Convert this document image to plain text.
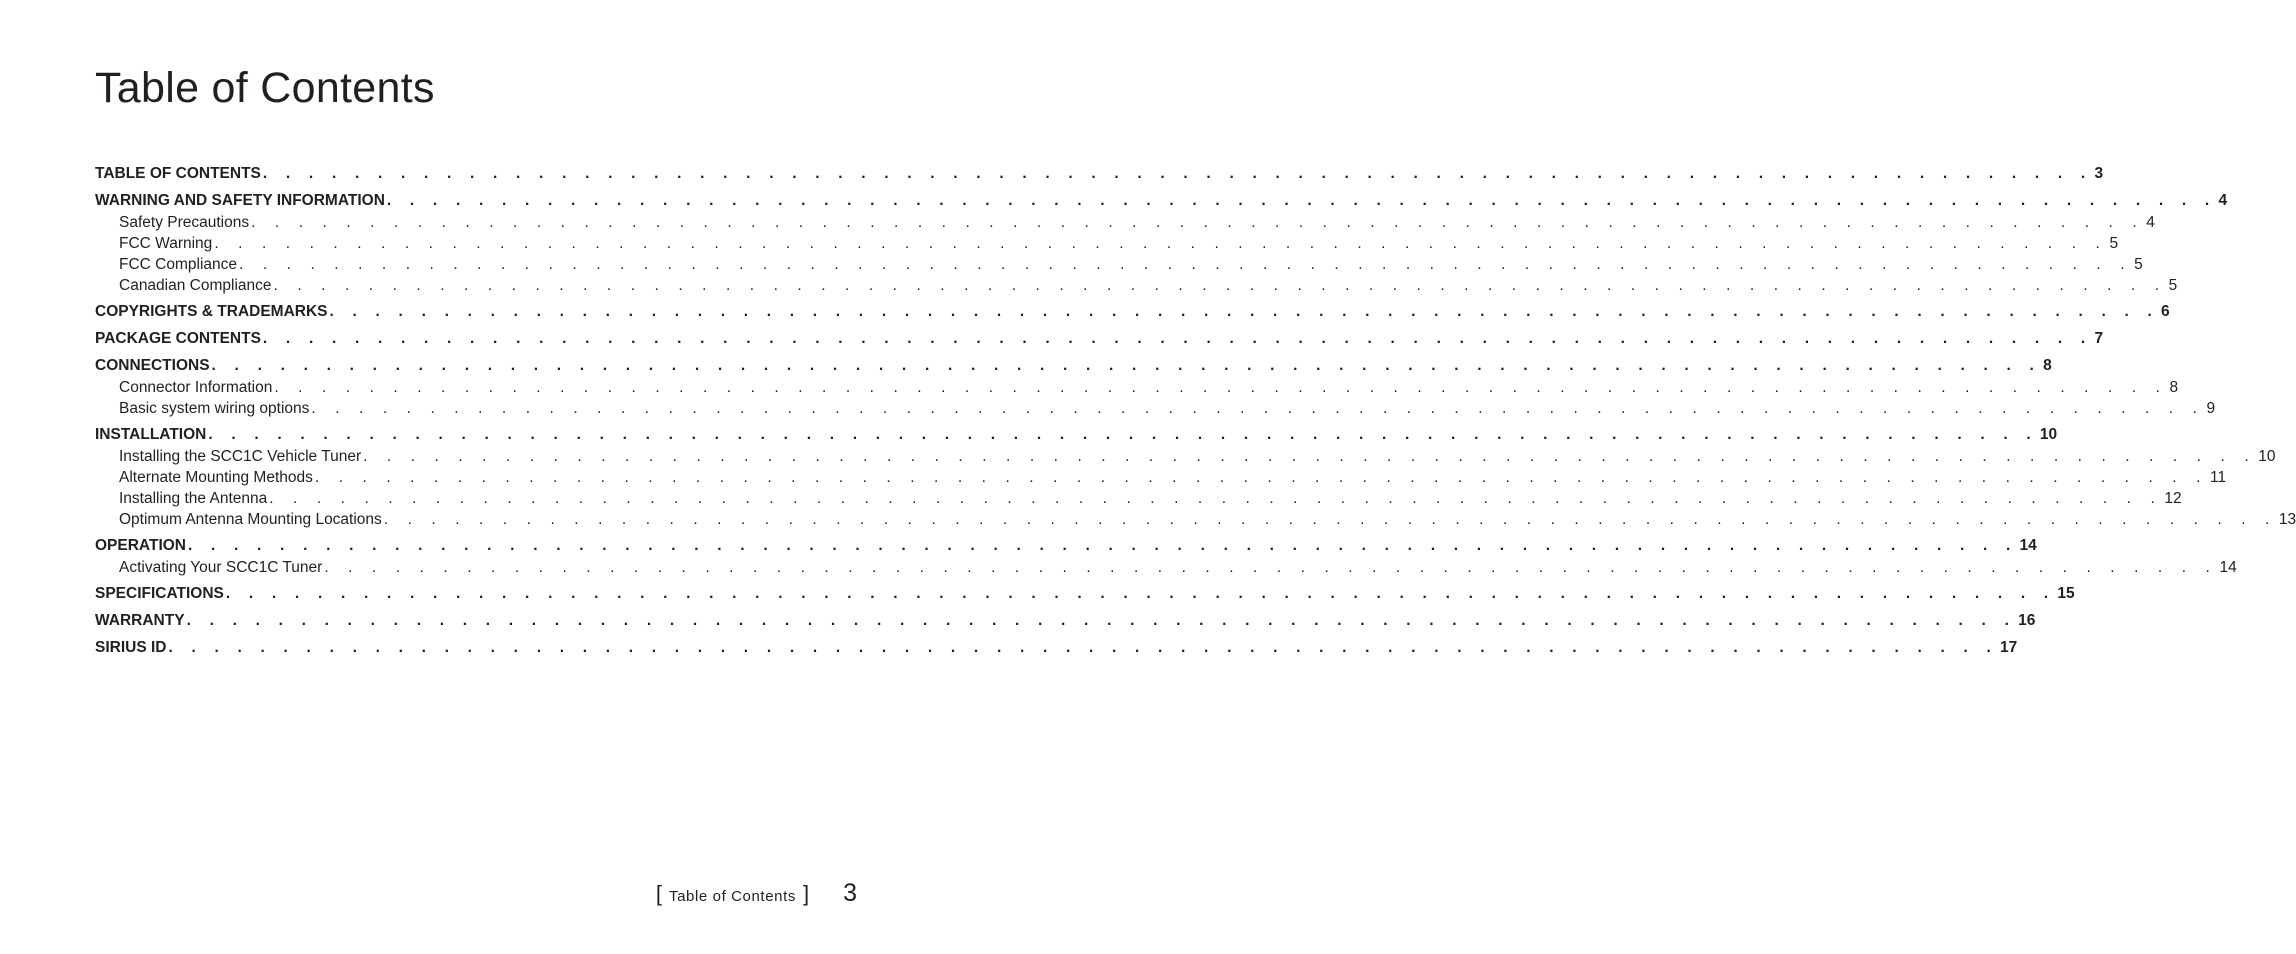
Table of Contents
TABLE OF CONTENTS . . . . . . . . . . . . . . . . . . . . . . . . . . . . . . . . . . . . . . . . . . . . . . . . . . . . . . . . . . . . . . . . . . . . . . . . . . . . . . . . 3
WARNING AND SAFETY INFORMATION . . . . . . . . . . . . . . . . . . . . . . . . . . . . . . . . . . . . . . . . . . . . . . . . . . . . . . . . . . . . . . . . . . . . . . . . . . . . . . . . 4
Safety Precautions . . . . . . . . . . . . . . . . . . . . . . . . . . . . . . . . . . . . . . . . . . . . . . . . . . . . . . . . . . . . . . . . . . . . . . . . . . . . . . . . 4
FCC Warning . . . . . . . . . . . . . . . . . . . . . . . . . . . . . . . . . . . . . . . . . . . . . . . . . . . . . . . . . . . . . . . . . . . . . . . . . . . . . . . . 5
FCC Compliance . . . . . . . . . . . . . . . . . . . . . . . . . . . . . . . . . . . . . . . . . . . . . . . . . . . . . . . . . . . . . . . . . . . . . . . . . . . . . . . . 5
Canadian Compliance . . . . . . . . . . . . . . . . . . . . . . . . . . . . . . . . . . . . . . . . . . . . . . . . . . . . . . . . . . . . . . . . . . . . . . . . . . . . . . . . 5
COPYRIGHTS & TRADEMARKS . . . . . . . . . . . . . . . . . . . . . . . . . . . . . . . . . . . . . . . . . . . . . . . . . . . . . . . . . . . . . . . . . . . . . . . . . . . . . . . . 6
PACKAGE CONTENTS . . . . . . . . . . . . . . . . . . . . . . . . . . . . . . . . . . . . . . . . . . . . . . . . . . . . . . . . . . . . . . . . . . . . . . . . . . . . . . . . 7
CONNECTIONS . . . . . . . . . . . . . . . . . . . . . . . . . . . . . . . . . . . . . . . . . . . . . . . . . . . . . . . . . . . . . . . . . . . . . . . . . . . . . . . . 8
Connector Information . . . . . . . . . . . . . . . . . . . . . . . . . . . . . . . . . . . . . . . . . . . . . . . . . . . . . . . . . . . . . . . . . . . . . . . . . . . . . . . . 8
Basic system wiring options . . . . . . . . . . . . . . . . . . . . . . . . . . . . . . . . . . . . . . . . . . . . . . . . . . . . . . . . . . . . . . . . . . . . . . . . . . . . . . . . 9
INSTALLATION . . . . . . . . . . . . . . . . . . . . . . . . . . . . . . . . . . . . . . . . . . . . . . . . . . . . . . . . . . . . . . . . . . . . . . . . . . . . . . . . 10
Installing the SCC1C Vehicle Tuner . . . . . . . . . . . . . . . . . . . . . . . . . . . . . . . . . . . . . . . . . . . . . . . . . . . . . . . . . . . . . . . . . . . . . . . . . . . . . . . . 10
Alternate Mounting Methods . . . . . . . . . . . . . . . . . . . . . . . . . . . . . . . . . . . . . . . . . . . . . . . . . . . . . . . . . . . . . . . . . . . . . . . . . . . . . . . . 11
Installing the Antenna . . . . . . . . . . . . . . . . . . . . . . . . . . . . . . . . . . . . . . . . . . . . . . . . . . . . . . . . . . . . . . . . . . . . . . . . . . . . . . . . 12
Optimum Antenna Mounting Locations . . . . . . . . . . . . . . . . . . . . . . . . . . . . . . . . . . . . . . . . . . . . . . . . . . . . . . . . . . . . . . . . . . . . . . . . . . . . . . . . 13
OPERATION . . . . . . . . . . . . . . . . . . . . . . . . . . . . . . . . . . . . . . . . . . . . . . . . . . . . . . . . . . . . . . . . . . . . . . . . . . . . . . . . 14
Activating Your SCC1C Tuner . . . . . . . . . . . . . . . . . . . . . . . . . . . . . . . . . . . . . . . . . . . . . . . . . . . . . . . . . . . . . . . . . . . . . . . . . . . . . . . . 14
SPECIFICATIONS . . . . . . . . . . . . . . . . . . . . . . . . . . . . . . . . . . . . . . . . . . . . . . . . . . . . . . . . . . . . . . . . . . . . . . . . . . . . . . . . 15
WARRANTY . . . . . . . . . . . . . . . . . . . . . . . . . . . . . . . . . . . . . . . . . . . . . . . . . . . . . . . . . . . . . . . . . . . . . . . . . . . . . . . . 16
SIRIUS ID . . . . . . . . . . . . . . . . . . . . . . . . . . . . . . . . . . . . . . . . . . . . . . . . . . . . . . . . . . . . . . . . . . . . . . . . . . . . . . . . 17
[ Table of Contents ] 3
